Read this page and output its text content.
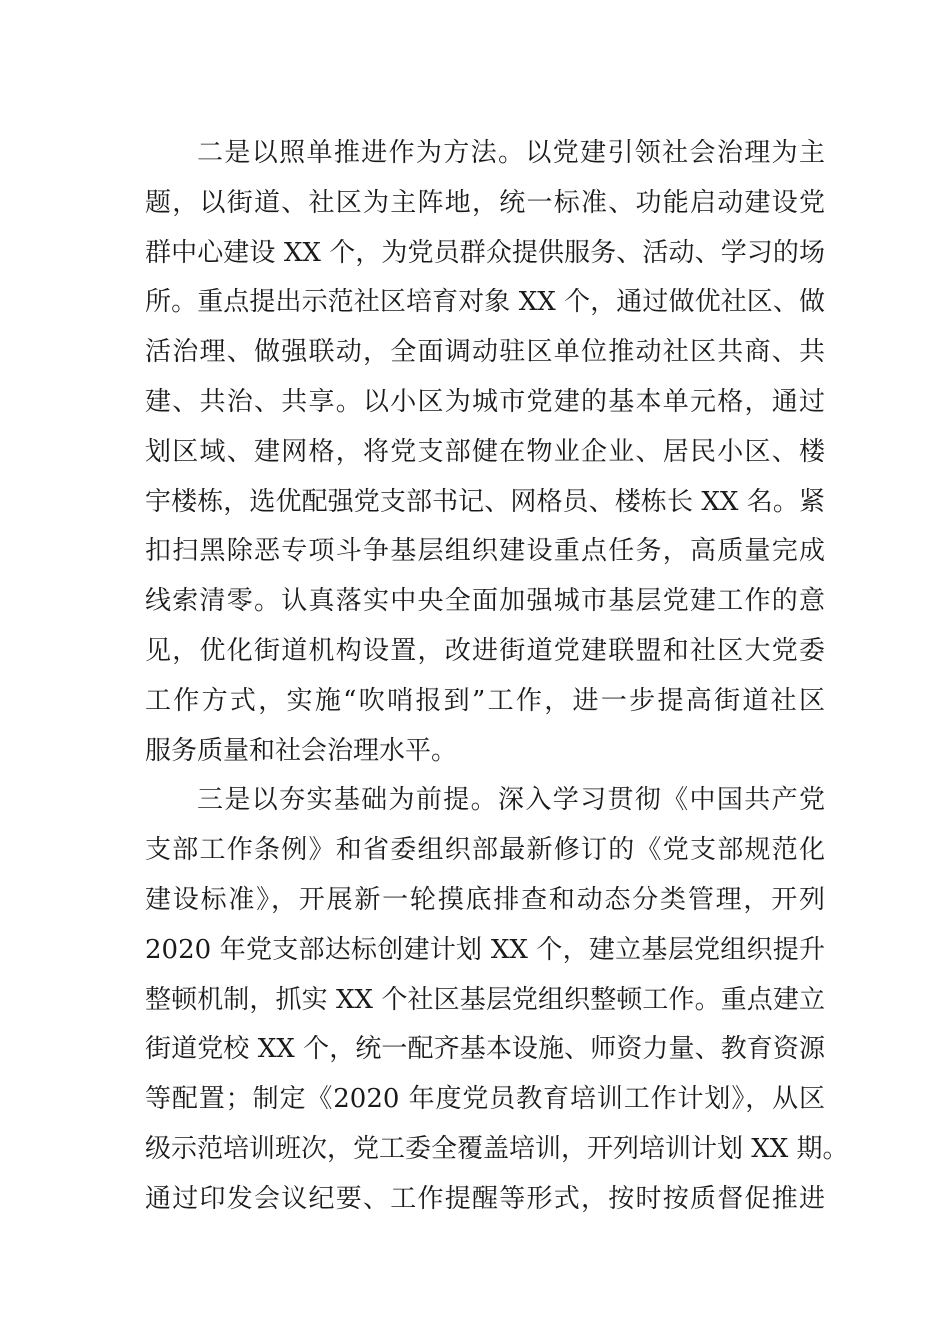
二是以照单推进作为方法。以党建引领社会治理为主
题，以街道、社区为主阵地，统一标准、功能启动建设党
群中心建设 XX 个，为党员群众提供服务、活动、学习的场
所。重点提出示范社区培育对象 XX 个，通过做优社区、做
活治理、做强联动，全面调动驻区单位推动社区共商、共
建、共治、共享。以小区为城市党建的基本单元格，通过
划区域、建网格，将党支部健在物业企业、居民小区、楼
宇楼栋，选优配强党支部书记、网格员、楼栋长 XX 名。紧
扣扫黑除恶专项斗争基层组织建设重点任务，高质量完成
线索清零。认真落实中央全面加强城市基层党建工作的意
见，优化街道机构设置，改进街道党建联盟和社区大党委
工作方式，实施“吹哨报到”工作，进一步提高街道社区
服务质量和社会治理水平。
三是以夯实基础为前提。深入学习贯彻《中国共产党
支部工作条例》和省委组织部最新修订的《党支部规范化
建设标准》，开展新一轮摸底排查和动态分类管理，开列
2020 年党支部达标创建计划 XX 个，建立基层党组织提升
整顿机制，抓实 XX 个社区基层党组织整顿工作。重点建立
街道党校 XX 个，统一配齐基本设施、师资力量、教育资源
等配置；制定《2020 年度党员教育培训工作计划》，从区
级示范培训班次，党工委全覆盖培训，开列培训计划 XX 期。
通过印发会议纪要、工作提醒等形式，按时按质督促推进
